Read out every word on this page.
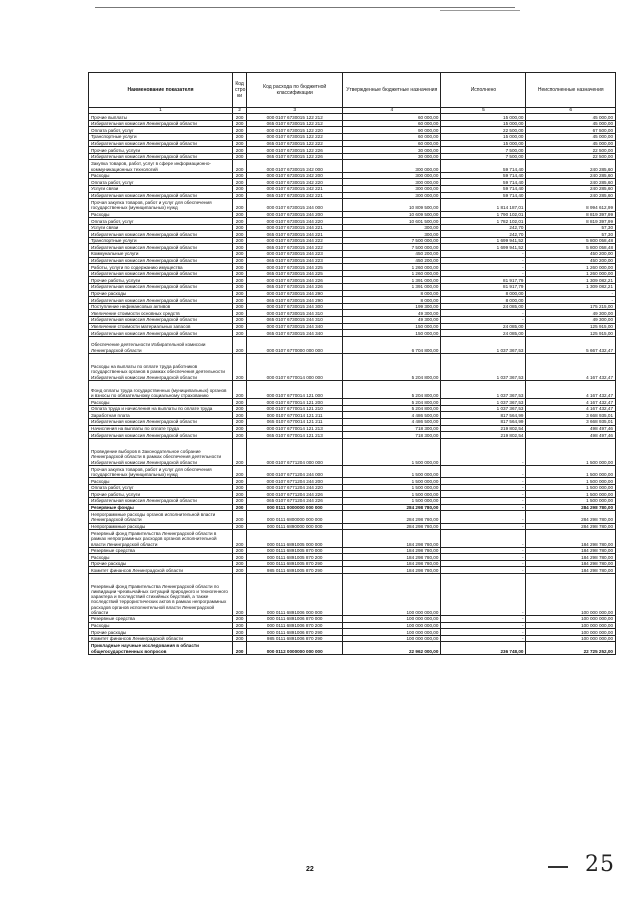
Наименование показателя	Код стро ки	Код расхода по бюджетной классификации	Утвержденные бюджетные назначения	Исполнено	Неисполненные назначения
1	2	3	4	5	6
Прочие выплаты	200	000 0107 6730015 122 212	60 000,00	15 000,00	45 000,00
Избирательная комиссия Ленинградской области	200	065 0107 6730015 122 212	60 000,00	15 000,00	45 000,00
Оплата работ, услуг	200	000 0107 6730015 122 220	90 000,00	22 500,00	67 500,00
Транспортные услуги	200	000 0107 6730015 122 222	60 000,00	15 000,00	45 000,00
Избирательная комиссия Ленинградской области	200	065 0107 6730015 122 222	60 000,00	15 000,00	45 000,00
Прочие работы, услуги	200	000 0107 6730015 122 226	30 000,00	7 500,00	22 500,00
Избирательная комиссия Ленинградской области	200	065 0107 6730015 122 226	30 000,00	7 500,00	22 500,00
Закупка товаров, работ, услуг в сфере информационно-коммуникационных технологий	200	000 0107 6730015 242 000	300 000,00	59 714,40	240 285,60
Расходы	200	000 0107 6730015 242 200	300 000,00	59 714,40	240 285,60
Оплата работ, услуг	200	000 0107 6730015 242 220	300 000,00	59 714,40	240 285,60
Услуги связи	200	000 0107 6730015 242 221	300 000,00	59 714,40	240 285,60
Избирательная комиссия Ленинградской области	200	065 0107 6730015 242 221	300 000,00	59 714,40	240 285,60
Прочая закупка товаров, работ и услуг для обеспечения государственных (муниципальных) нужд	200	000 0107 6730015 244 000	10 809 500,00	1 814 187,01	8 994 612,99
Расходы	200	000 0107 6730015 244 200	10 609 500,00	1 790 102,01	8 819 397,99
Оплата работ, услуг	200	000 0107 6730015 244 220	10 601 500,00	1 782 102,01	8 819 397,99
Услуги связи	200	000 0107 6730015 244 221	300,00	242,70	57,30
Избирательная комиссия Ленинградской области	200	065 0107 6730015 244 221	300,00	242,70	57,30
Транспортные услуги	200	000 0107 6730015 244 222	7 500 000,00	1 699 941,52	5 800 058,48
Избирательная комиссия Ленинградской области	200	065 0107 6730015 244 222	7 500 000,00	1 699 941,52	5 800 058,48
Коммунальные услуги	200	000 0107 6730015 244 223	450 200,00	-	450 200,00
Избирательная комиссия Ленинградской области	200	065 0107 6730015 244 223	450 200,00	-	450 200,00
Работы, услуги по содержанию имущества	200	000 0107 6730015 244 225	1 260 000,00	-	1 260 000,00
Избирательная комиссия Ленинградской области	200	065 0107 6730015 244 225	1 260 000,00	-	1 260 000,00
Прочие работы, услуги	200	000 0107 6730015 244 226	1 391 000,00	81 917,79	1 309 082,21
Избирательная комиссия Ленинградской области	200	065 0107 6730015 244 226	1 391 000,00	81 917,79	1 309 082,21
Прочие расходы	200	000 0107 6730015 244 290	8 000,00	8 000,00	-
Избирательная комиссия Ленинградской области	200	065 0107 6730015 244 290	8 000,00	8 000,00	-
Поступление нефинансовых активов	200	000 0107 6730015 244 300	199 300,00	24 085,00	175 215,00
Увеличение стоимости основных средств	200	000 0107 6730015 244 310	49 300,00	-	49 300,00
Избирательная комиссия Ленинградской области	200	065 0107 6730015 244 310	49 300,00	-	49 300,00
Увеличение стоимости материальных запасов	200	000 0107 6730015 244 340	150 000,00	24 085,00	125 915,00
Избирательная комиссия Ленинградской области	200	065 0107 6730015 244 340	150 000,00	24 085,00	125 915,00
Обеспечение деятельности Избирательной комиссии Ленинградской области	200	000 0107 6770000 000 000	6 704 800,00	1 037 367,53	5 667 432,47
Расходы на выплаты по оплате труда работников государственных органов в рамках обеспечения деятельности Избирательной комиссии Ленинградской области	200	000 0107 6770014 000 000	5 204 800,00	1 037 367,53	4 167 432,47
Фонд оплаты труда государственных (муниципальных) органов и взносы по обязательному социальному страхованию	200	000 0107 6770014 121 000	5 204 800,00	1 037 367,53	4 167 432,47
Расходы	200	000 0107 6770014 121 200	5 204 800,00	1 037 367,53	4 167 432,47
Оплата труда и начисления на выплаты по оплате труда	200	000 0107 6770014 121 210	5 204 800,00	1 037 367,53	4 167 432,47
Заработная плата	200	000 0107 6770014 121 211	4 486 500,00	817 564,99	3 668 935,01
Избирательная комиссия Ленинградской области	200	065 0107 6770014 121 211	4 486 500,00	817 564,99	3 668 935,01
Начисления на выплаты по оплате труда	200	000 0107 6770014 121 213	718 300,00	219 802,54	498 497,46
Избирательная комиссия Ленинградской области	200	065 0107 6770014 121 213	718 300,00	219 802,54	498 497,46
Проведение выборов в Законодательное собрание Ленинградской области в рамках обеспечения деятельности Избирательной комиссии Ленинградской области	200	000 0107 6771204 000 000	1 500 000,00	-	1 500 000,00
Прочая закупка товаров, работ и услуг для обеспечения государственных (муниципальных) нужд	200	000 0107 6771204 244 000	1 500 000,00	-	1 500 000,00
Расходы	200	000 0107 6771204 244 200	1 500 000,00	-	1 500 000,00
Оплата работ, услуг	200	000 0107 6771204 244 220	1 500 000,00	-	1 500 000,00
Прочие работы, услуги	200	000 0107 6771204 244 226	1 500 000,00	-	1 500 000,00
Избирательная комиссия Ленинградской области	200	065 0107 6771204 244 226	1 500 000,00	-	1 500 000,00
Резервные фонды	200	000 0111 0000000 000 000	284 298 780,00	-	284 298 780,00
Непрограммные расходы органов исполнительной власти Ленинградской области	200	000 0111 6800000 000 000	284 298 780,00	-	284 298 780,00
Непрограммные расходы	200	000 0111 6890000 000 000	284 298 780,00	-	284 298 780,00
Резервный фонд Правительства Ленинградской области в рамках непрограммных расходов органов исполнительной власти Ленинградской области	200	000 0111 6891005 000 000	184 298 780,00	-	184 298 780,00
Резервные средства	200	000 0111 6891005 870 000	184 298 780,00	-	184 298 780,00
Расходы	200	000 0111 6891005 870 200	184 298 780,00	-	184 298 780,00
Прочие расходы	200	000 0111 6891005 870 290	184 298 780,00	-	184 298 780,00
Комитет финансов Ленинградской области	200	985 0111 6891005 870 290	184 298 780,00	-	184 298 780,00
Резервный фонд Правительства Ленинградской области по ликвидации чрезвычайных ситуаций природного и техногенного характера и последствий стихийных бедствий, а также последствий террористических актов в рамках непрограммных расходов органов исполнительной власти Ленинградской области	200	000 0111 6891006 000 000	100 000 000,00	-	100 000 000,00
Резервные средства	200	000 0111 6891006 870 000	100 000 000,00	-	100 000 000,00
Расходы	200	000 0111 6891006 870 200	100 000 000,00	-	100 000 000,00
Прочие расходы	200	000 0111 6891006 870 290	100 000 000,00	-	100 000 000,00
Комитет финансов Ленинградской области	200	985 0111 6891006 870 290	100 000 000,00	-	100 000 000,00
Прикладные научные исследования в области общегосударственных вопросов	200	000 0112 0000000 000 000	22 962 000,00	236 748,00	22 725 252,00
22	25
